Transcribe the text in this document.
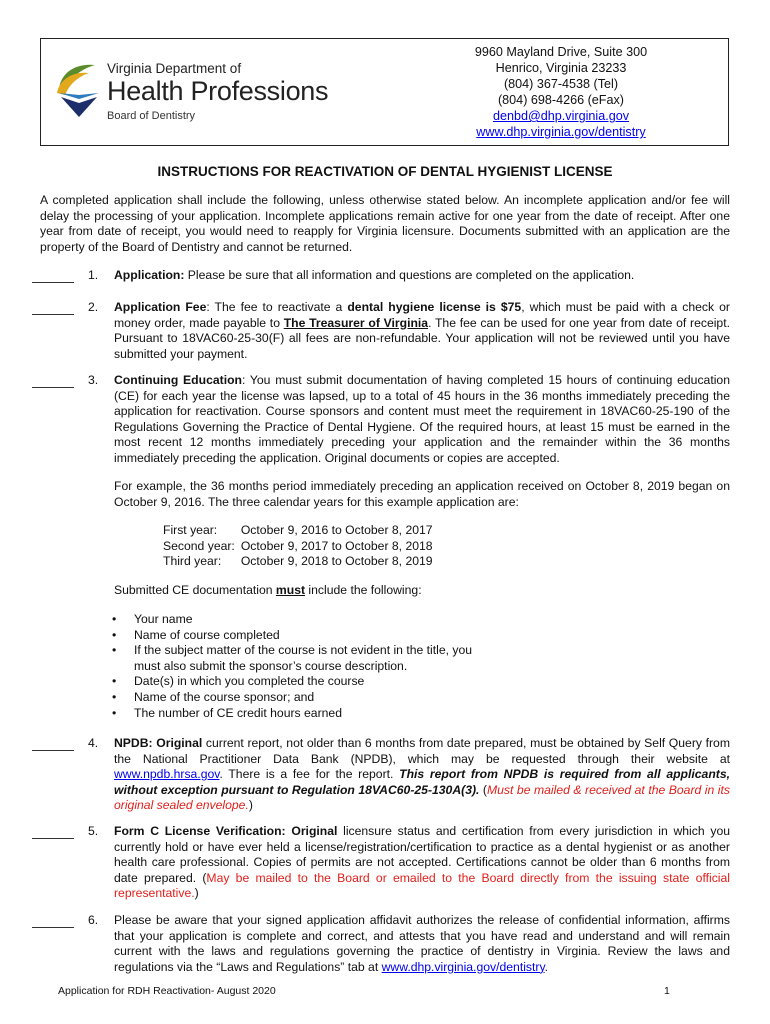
Virginia Department of
Health Professions
Board of Dentistry
9960 Mayland Drive, Suite 300
Henrico, Virginia 23233
(804) 367-4538 (Tel)
(804) 698-4266 (eFax)
denbd@dhp.virginia.gov
www.dhp.virginia.gov/dentistry
INSTRUCTIONS FOR REACTIVATION OF DENTAL HYGIENIST LICENSE
A completed application shall include the following, unless otherwise stated below. An incomplete application and/or fee will delay the processing of your application. Incomplete applications remain active for one year from the date of receipt. After one year from date of receipt, you would need to reapply for Virginia licensure. Documents submitted with an application are the property of the Board of Dentistry and cannot be returned.
1. Application: Please be sure that all information and questions are completed on the application.
2. Application Fee: The fee to reactivate a dental hygiene license is $75, which must be paid with a check or money order, made payable to The Treasurer of Virginia. The fee can be used for one year from date of receipt. Pursuant to 18VAC60-25-30(F) all fees are non-refundable. Your application will not be reviewed until you have submitted your payment.
3. Continuing Education: You must submit documentation of having completed 15 hours of continuing education (CE) for each year the license was lapsed, up to a total of 45 hours in the 36 months immediately preceding the application for reactivation. Course sponsors and content must meet the requirement in 18VAC60-25-190 of the Regulations Governing the Practice of Dental Hygiene. Of the required hours, at least 15 must be earned in the most recent 12 months immediately preceding your application and the remainder within the 36 months immediately preceding the application. Original documents or copies are accepted.
For example, the 36 months period immediately preceding an application received on October 8, 2019 began on October 9, 2016. The three calendar years for this example application are:
First year:	October 9, 2016 to October 8, 2017
Second year:	October 9, 2017 to October 8, 2018
Third year:	October 9, 2018 to October 8, 2019
Submitted CE documentation must include the following:
• Your name
• Name of course completed
• If the subject matter of the course is not evident in the title, you must also submit the sponsor’s course description.
• Date(s) in which you completed the course
• Name of the course sponsor; and
• The number of CE credit hours earned
4. NPDB: Original current report, not older than 6 months from date prepared, must be obtained by Self Query from the National Practitioner Data Bank (NPDB), which may be requested through their website at www.npdb.hrsa.gov. There is a fee for the report. This report from NPDB is required from all applicants, without exception pursuant to Regulation 18VAC60-25-130A(3). (Must be mailed & received at the Board in its original sealed envelope.)
5. Form C License Verification: Original licensure status and certification from every jurisdiction in which you currently hold or have ever held a license/registration/certification to practice as a dental hygienist or as another health care professional. Copies of permits are not accepted. Certifications cannot be older than 6 months from date prepared. (May be mailed to the Board or emailed to the Board directly from the issuing state official representative.)
6. Please be aware that your signed application affidavit authorizes the release of confidential information, affirms that your application is complete and correct, and attests that you have read and understand and will remain current with the laws and regulations governing the practice of dentistry in Virginia. Review the laws and regulations via the “Laws and Regulations” tab at www.dhp.virginia.gov/dentistry.
Application for RDH Reactivation- August 2020	1
